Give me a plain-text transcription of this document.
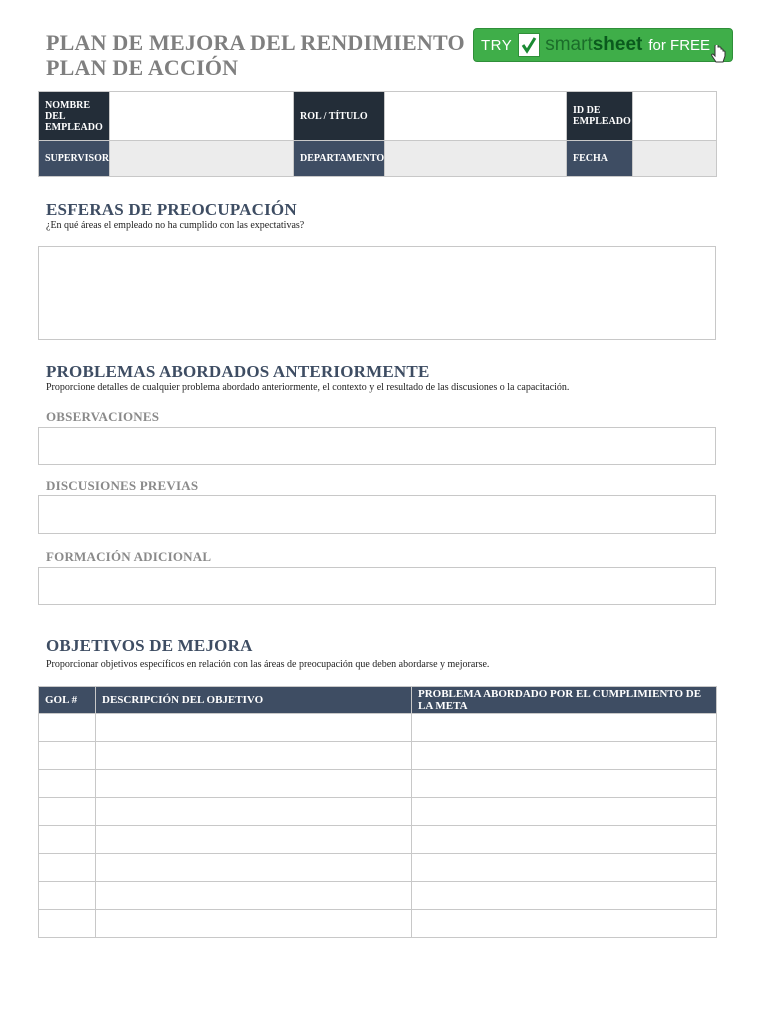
PLAN DE MEJORA DEL RENDIMIENTO
PLAN DE ACCIÓN
TRY smartsheet for FREE
NOMBRE DEL EMPLEADO		ROL / TÍTULO		ID DE EMPLEADO	
SUPERVISOR		DEPARTAMENTO		FECHA	
ESFERAS DE PREOCUPACIÓN
¿En qué áreas el empleado no ha cumplido con las expectativas?
PROBLEMAS ABORDADOS ANTERIORMENTE
Proporcione detalles de cualquier problema abordado anteriormente, el contexto y el resultado de las discusiones o la capacitación.
OBSERVACIONES
DISCUSIONES PREVIAS
FORMACIÓN ADICIONAL
OBJETIVOS DE MEJORA
Proporcionar objetivos específicos en relación con las áreas de preocupación que deben abordarse y mejorarse.
GOL #	DESCRIPCIÓN DEL OBJETIVO	PROBLEMA ABORDADO POR EL CUMPLIMIENTO DE LA META
